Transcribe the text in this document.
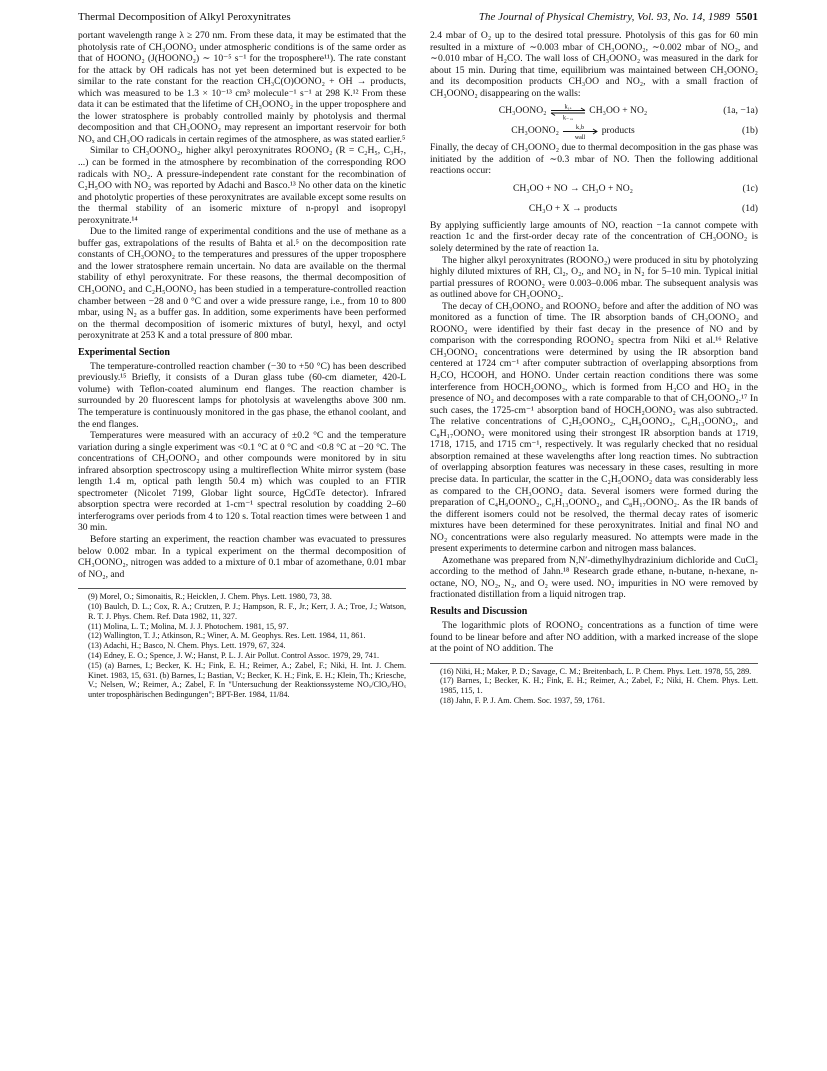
Thermal Decomposition of Alkyl Peroxynitrates	The Journal of Physical Chemistry, Vol. 93, No. 14, 1989 5501

portant wavelength range λ ≥ 270 nm. From these data, it may be estimated that the photolysis rate of CH₃OONO₂ under atmospheric conditions is of the same order as that of HOONO₂ (J(HOONO₂) ∼ 10⁻⁵ s⁻¹ for the troposphere¹¹). The rate constant for the attack by OH radicals has not yet been determined but is expected to be similar to the rate constant for the reaction CH₃C(O)OONO₂ + OH → products, which was measured to be 1.3 × 10⁻¹³ cm³ molecule⁻¹ s⁻¹ at 298 K.¹² From these data it can be estimated that the lifetime of CH₃OONO₂ in the upper troposphere and the lower stratosphere is probably controlled mainly by photolysis and thermal decomposition and that CH₃OONO₂ may represent an important reservoir for both NOₓ and CH₃OO radicals in certain regimes of the atmosphere, as was stated earlier.⁵

Similar to CH₃OONO₂, higher alkyl peroxynitrates ROONO₂ (R = C₂H₅, C₃H₇, ...) can be formed in the atmosphere by recombination of the corresponding ROO radicals with NO₂. A pressure-independent rate constant for the recombination of C₂H₅OO with NO₂ was reported by Adachi and Basco.¹³ No other data on the kinetic and photolytic properties of these peroxynitrates are available except some results on the thermal stability of an isomeric mixture of n-propyl and isopropyl peroxynitrate.¹⁴

Due to the limited range of experimental conditions and the use of methane as a buffer gas, extrapolations of the results of Bahta et al.⁵ on the decomposition rate constants of CH₃OONO₂ to the temperatures and pressures of the upper troposphere and the lower stratosphere remain uncertain. No data are available on the thermal stability of ethyl peroxynitrate. For these reasons, the thermal decomposition of CH₃OONO₂ and C₂H₅OONO₂ has been studied in a temperature-controlled reaction chamber between −28 and 0 °C and over a wide pressure range, i.e., from 10 to 800 mbar, using N₂ as a buffer gas. In addition, some experiments have been performed on the thermal decomposition of isomeric mixtures of butyl, hexyl, and octyl peroxynitrate at 253 K and a total pressure of 800 mbar.

Experimental Section

The temperature-controlled reaction chamber (−30 to +50 °C) has been described previously.¹⁵ Briefly, it consists of a Duran glass tube (60-cm diameter, 420-L volume) with Teflon-coated aluminum end flanges. The reaction chamber is surrounded by 20 fluorescent lamps for photolysis at wavelengths above 300 nm. The temperature is continuously monitored in the gas phase, the ethanol coolant, and the end flanges.

Temperatures were measured with an accuracy of ±0.2 °C and the temperature variation during a single experiment was <0.1 °C at 0 °C and <0.8 °C at −20 °C. The concentrations of CH₃OONO₂ and other compounds were monitored by in situ infrared absorption spectroscopy using a multireflection White mirror system (base length 1.4 m, optical path length 50.4 m) which was coupled to an FTIR spectrometer (Nicolet 7199, Globar light source, HgCdTe detector). Infrared absorption spectra were recorded at 1-cm⁻¹ spectral resolution by coadding 2–60 interferograms over periods from 4 to 120 s. Total reaction times were between 1 and 30 min.

Before starting an experiment, the reaction chamber was evacuated to pressures below 0.002 mbar. In a typical experiment on the thermal decomposition of CH₃OONO₂, nitrogen was added to a mixture of 0.1 mbar of azomethane, 0.01 mbar of NO₂, and

(9) Morel, O.; Simonaitis, R.; Heicklen, J. Chem. Phys. Lett. 1980, 73, 38.
(10) Baulch, D. L.; Cox, R. A.; Crutzen, P. J.; Hampson, R. F., Jr.; Kerr, J. A.; Troe, J.; Watson, R. T. J. Phys. Chem. Ref. Data 1982, 11, 327.
(11) Molina, L. T.; Molina, M. J. J. Photochem. 1981, 15, 97.
(12) Wallington, T. J.; Atkinson, R.; Winer, A. M. Geophys. Res. Lett. 1984, 11, 861.
(13) Adachi, H.; Basco, N. Chem. Phys. Lett. 1979, 67, 324.
(14) Edney, E. O.; Spence, J. W.; Hanst, P. L. J. Air Pollut. Control Assoc. 1979, 29, 741.
(15) (a) Barnes, I.; Becker, K. H.; Fink, E. H.; Reimer, A.; Zabel, F.; Niki, H. Int. J. Chem. Kinet. 1983, 15, 631. (b) Barnes, I.; Bastian, V.; Becker, K. H.; Fink, E. H.; Klein, Th.; Kriesche, V.; Nelsen, W.; Reimer, A.; Zabel, F. In "Untersuchung der Reaktionssysteme NOₓ/ClOₓ/HOₓ unter troposphärischen Bedingungen"; BPT-Ber. 1984, 11/84.

2.4 mbar of O₂ up to the desired total pressure. Photolysis of this gas for 60 min resulted in a mixture of ∼0.003 mbar of CH₃OONO₂, ∼0.002 mbar of NO₂, and ∼0.010 mbar of H₂CO. The wall loss of CH₃OONO₂ was measured in the dark for about 15 min. During that time, equilibrium was maintained between CH₃OONO₂ and its decomposition products CH₃OO and NO₂, with a small fraction of CH₃OONO₂ disappearing on the walls:

CH₃OONO₂	k₁ₐ
k₋₁ₐ
CH₃OO + NO₂	(1a, −1a)
CH₃OONO₂	k₁b
wall
products	(1b)

Finally, the decay of CH₃OONO₂ due to thermal decomposition in the gas phase was initiated by the addition of ∼0.3 mbar of NO. Then the following additional reactions occur:

CH₃OO + NO → CH₃O + NO₂	(1c)
CH₃O + X → products	(1d)

By applying sufficiently large amounts of NO, reaction −1a cannot compete with reaction 1c and the first-order decay rate of the concentration of CH₃OONO₂ is solely determined by the rate of reaction 1a.

The higher alkyl peroxynitrates (ROONO₂) were produced in situ by photolyzing highly diluted mixtures of RH, Cl₂, O₂, and NO₂ in N₂ for 5–10 min. Typical initial partial pressures of ROONO₂ were 0.003–0.006 mbar. The subsequent analysis was as outlined above for CH₃OONO₂.

The decay of CH₃OONO₂ and ROONO₂ before and after the addition of NO was monitored as a function of time. The IR absorption bands of CH₃OONO₂ and ROONO₂ were identified by their fast decay in the presence of NO and by comparison with the corresponding ROONO₂ spectra from Niki et al.¹⁶ Relative CH₃OONO₂ concentrations were determined by using the IR absorption band centered at 1724 cm⁻¹ after computer subtraction of overlapping absorptions from H₂CO, HCOOH, and HONO. Under certain reaction conditions there was some interference from HOCH₂OONO₂, which is formed from H₂CO and HO₂ in the presence of NO₂ and decomposes with a rate comparable to that of CH₃OONO₂.¹⁷ In such cases, the 1725-cm⁻¹ absorption band of HOCH₂OONO₂ was also subtracted. The relative concentrations of C₂H₅OONO₂, C₄H₉OONO₂, C₆H₁₃OONO₂, and C₈H₁₇OONO₂ were monitored using their strongest IR absorption bands at 1719, 1718, 1715, and 1715 cm⁻¹, respectively. It was regularly checked that no residual absorption remained at these wavelengths after long reaction times. No subtraction of overlapping absorption features was necessary in these cases, resulting in more precise data. In particular, the scatter in the C₂H₅OONO₂ data was considerably less as compared to the CH₃OONO₂ data. Several isomers were formed during the preparation of C₄H₉OONO₂, C₆H₁₃OONO₂, and C₈H₁₇OONO₂. As the IR bands of the different isomers could not be resolved, the thermal decay rates of isomeric mixtures have been determined for these peroxynitrates. Initial and final NO and NO₂ concentrations were also regularly measured. No attempts were made in the present experiments to determine carbon and nitrogen mass balances.

Azomethane was prepared from N,N′-dimethylhydrazinium dichloride and CuCl₂ according to the method of Jahn.¹⁸ Research grade ethane, n-butane, n-hexane, n-octane, NO, NO₂, N₂, and O₂ were used. NO₂ impurities in NO were removed by fractionated distillation from a liquid nitrogen trap.

Results and Discussion

The logarithmic plots of ROONO₂ concentrations as a function of time were found to be linear before and after NO addition, with a marked increase of the slope at the point of NO addition. The

(16) Niki, H.; Maker, P. D.; Savage, C. M.; Breitenbach, L. P. Chem. Phys. Lett. 1978, 55, 289.
(17) Barnes, I.; Becker, K. H.; Fink, E. H.; Reimer, A.; Zabel, F.; Niki, H. Chem. Phys. Lett. 1985, 115, 1.
(18) Jahn, F. P. J. Am. Chem. Soc. 1937, 59, 1761.
